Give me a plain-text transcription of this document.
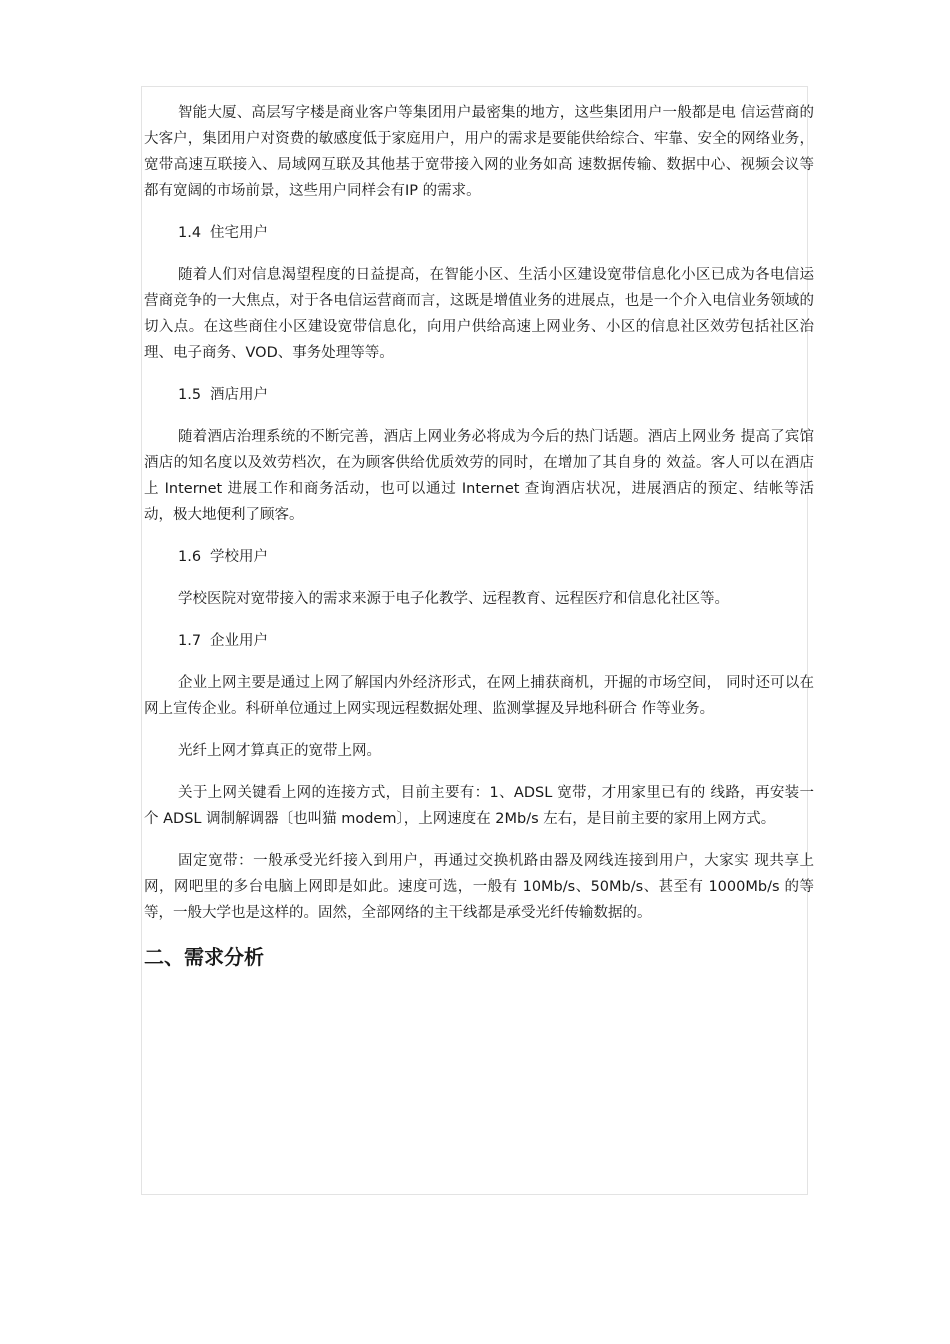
智能大厦、高层写字楼是商业客户等集团用户最密集的地方，这些集团用户一般都是电 信运营商的大客户，集团用户对资费的敏感度低于家庭用户，用户的需求是要能供给综合、牢靠、安全的网络业务，宽带高速互联接入、局域网互联及其他基于宽带接入网的业务如高 速数据传输、数据中心、视频会议等都有宽阔的市场前景，这些用户同样会有IP 的需求。

1.4 住宅用户

随着人们对信息渴望程度的日益提高，在智能小区、生活小区建设宽带信息化小区已成为各电信运营商竞争的一大焦点，对于各电信运营商而言，这既是增值业务的进展点，也是一个介入电信业务领域的切入点。在这些商住小区建设宽带信息化，向用户供给高速上网业务、小区的信息社区效劳包括社区治理、电子商务、VOD、事务处理等等。

1.5 酒店用户

随着酒店治理系统的不断完善，酒店上网业务必将成为今后的热门话题。酒店上网业务 提高了宾馆酒店的知名度以及效劳档次，在为顾客供给优质效劳的同时，在增加了其自身的 效益。客人可以在酒店上 Internet 进展工作和商务活动，也可以通过 Internet 查询酒店状况，进展酒店的预定、结帐等活动，极大地便利了顾客。

1.6 学校用户

学校医院对宽带接入的需求来源于电子化教学、远程教育、远程医疗和信息化社区等。

1.7 企业用户

企业上网主要是通过上网了解国内外经济形式，在网上捕获商机，开掘的市场空间， 同时还可以在网上宣传企业。科研单位通过上网实现远程数据处理、监测掌握及异地科研合 作等业务。

光纤上网才算真正的宽带上网。

关于上网关键看上网的连接方式，目前主要有：1、ADSL 宽带，才用家里已有的 线路，再安装一个 ADSL 调制解调器〔也叫猫 modem〕，上网速度在 2Mb/s 左右，是目前主要的家用上网方式。

固定宽带：一般承受光纤接入到用户，再通过交换机路由器及网线连接到用户，大家实 现共享上网，网吧里的多台电脑上网即是如此。速度可选，一般有 10Mb/s、50Mb/s、甚至有 1000Mb/s 的等等，一般大学也是这样的。固然，全部网络的主干线都是承受光纤传输数据的。

二、需求分析
